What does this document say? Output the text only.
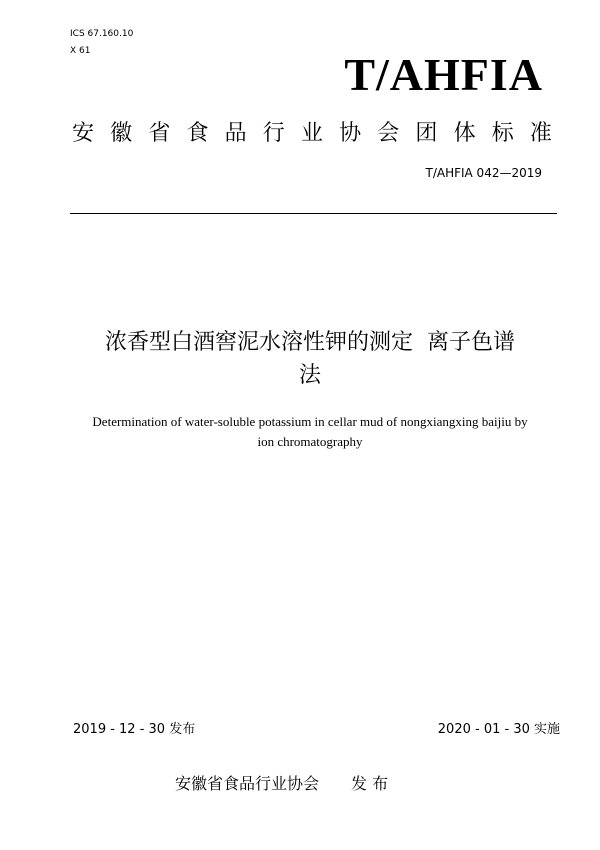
ICS 67.160.10
X 61	T/AHFIA
安 徽 省 食 品 行 业 协 会 团 体 标 准
T/AHFIA 042—2019
浓香型白酒窖泥水溶性钾的测定  离子色谱
法
Determination of water-soluble potassium in cellar mud of nongxiangxing baijiu by
ion chromatography
2019 - 12 - 30 发布	2020 - 01 - 30 实施
安徽省食品行业协会 发 布
